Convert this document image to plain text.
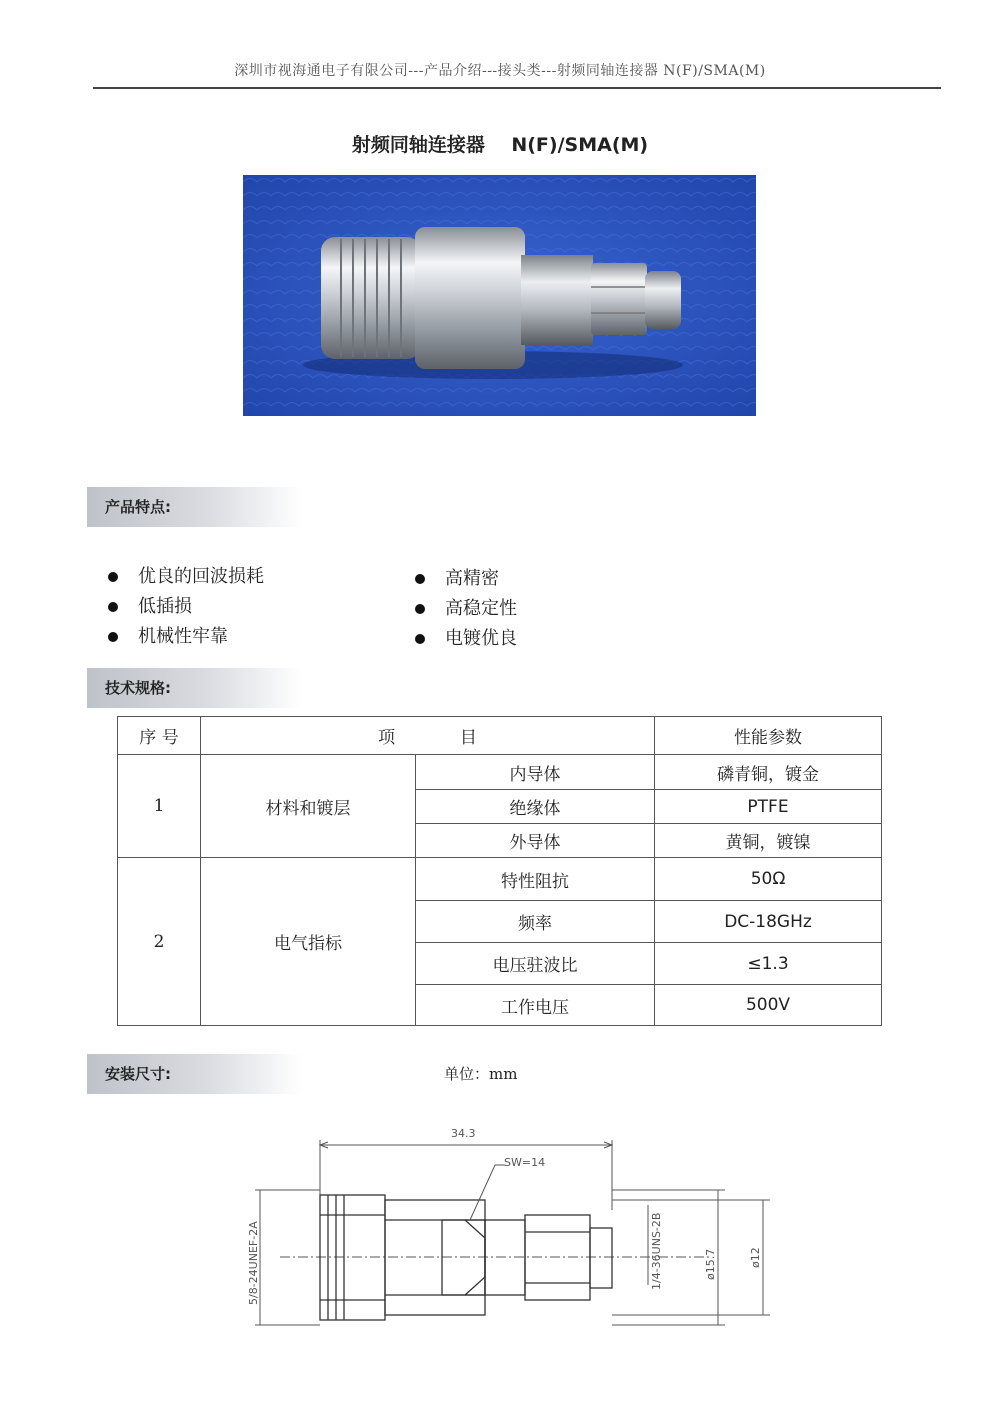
深圳市视海通电子有限公司---产品介绍---接头类---射频同轴连接器 N(F)/SMA(M)
射频同轴连接器    N(F)/SMA(M)
产品特点:
优良的回波损耗
低插损
机械性牢靠
高精密
高稳定性
电镀优良
技术规格:
序 号	项            目		性能参数
1	材料和镀层	内导体	磷青铜，镀金
		绝缘体	PTFE
		外导体	黄铜，镀镍
2	电气指标	特性阻抗	50Ω
		频率	DC-18GHz
		电压驻波比	≤1.3
		工作电压	500V
安装尺寸:	单位：mm
SW=14
34.3
5/8-24UNEF-2A	1/4-36UNS-2B	ø15.7	ø12
